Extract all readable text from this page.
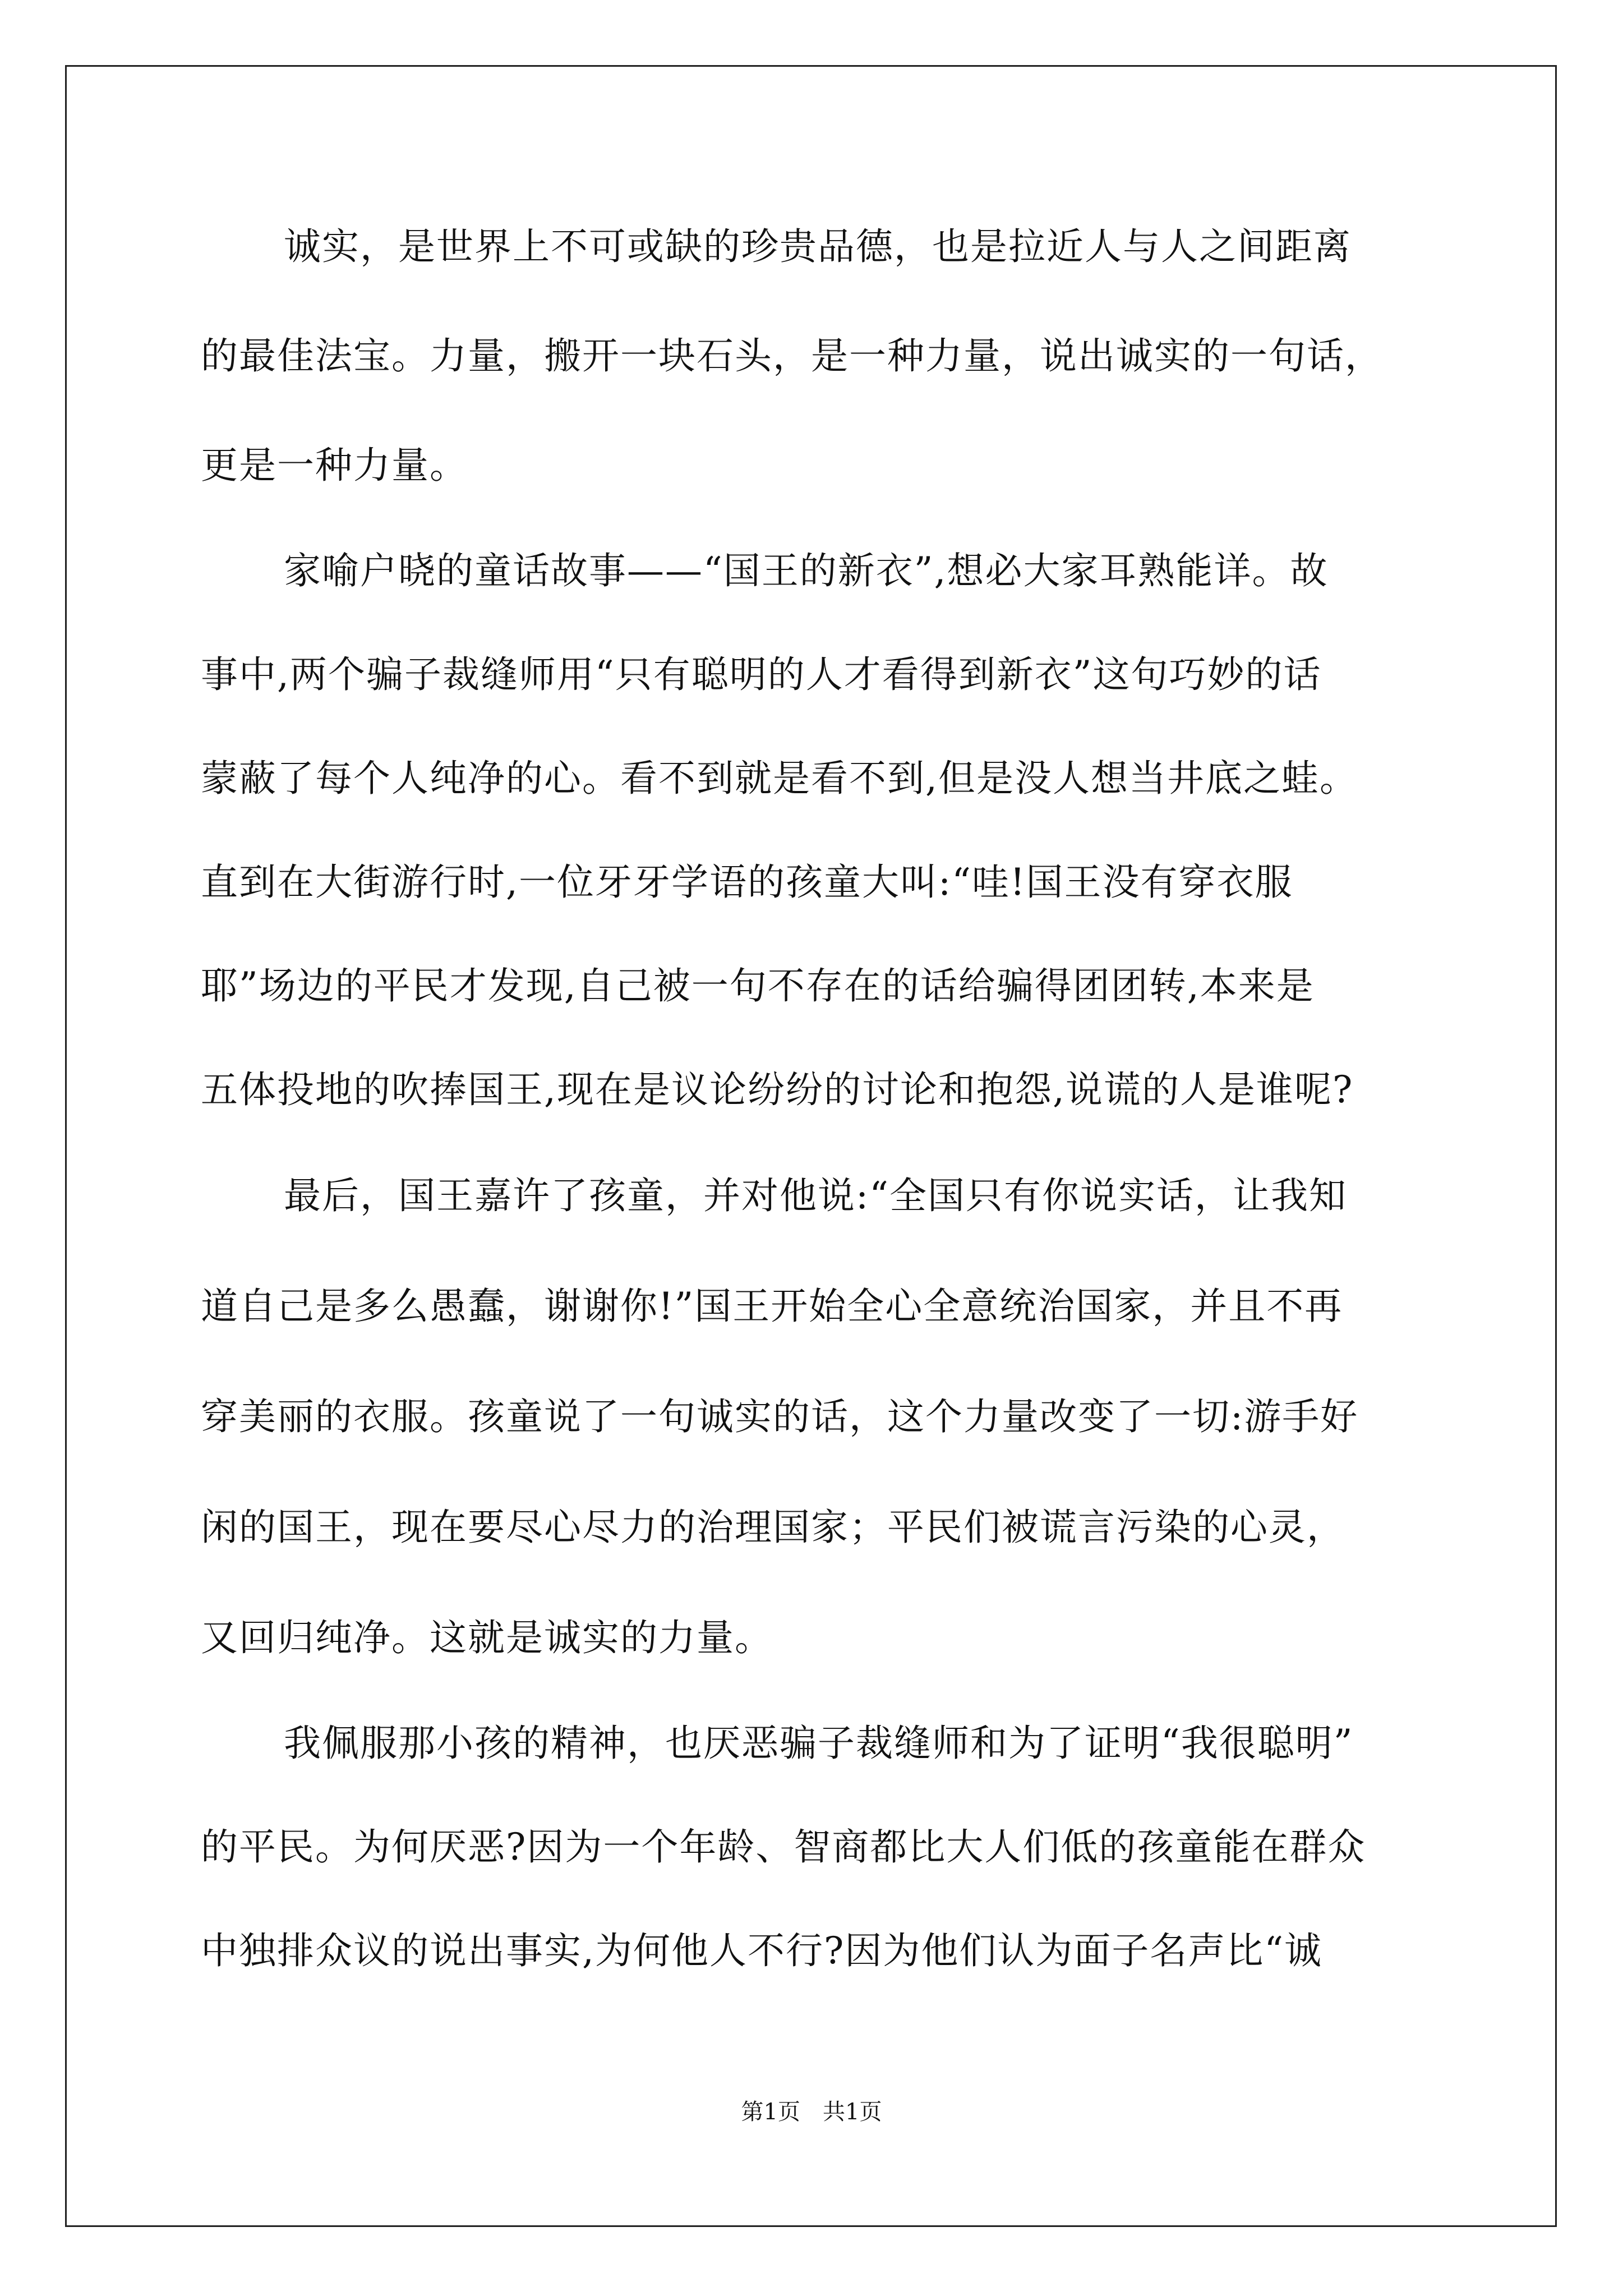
诚实，是世界上不可或缺的珍贵品德，也是拉近人与人之间距离
的最佳法宝。力量，搬开一块石头，是一种力量，说出诚实的一句话，
更是一种力量。
家喻户晓的童话故事——“国王的新衣”,想必大家耳熟能详。故
事中,两个骗子裁缝师用“只有聪明的人才看得到新衣”这句巧妙的话
蒙蔽了每个人纯净的心。看不到就是看不到,但是没人想当井底之蛙。
直到在大街游行时,一位牙牙学语的孩童大叫:“哇!国王没有穿衣服
耶”场边的平民才发现,自己被一句不存在的话给骗得团团转,本来是
五体投地的吹捧国王,现在是议论纷纷的讨论和抱怨,说谎的人是谁呢?
最后，国王嘉许了孩童，并对他说:“全国只有你说实话，让我知
道自己是多么愚蠢，谢谢你!”国王开始全心全意统治国家，并且不再
穿美丽的衣服。孩童说了一句诚实的话，这个力量改变了一切:游手好
闲的国王，现在要尽心尽力的治理国家；平民们被谎言污染的心灵，
又回归纯净。这就是诚实的力量。
我佩服那小孩的精神，也厌恶骗子裁缝师和为了证明“我很聪明”
的平民。为何厌恶?因为一个年龄、智商都比大人们低的孩童能在群众
中独排众议的说出事实,为何他人不行?因为他们认为面子名声比“诚
第1页　共1页
